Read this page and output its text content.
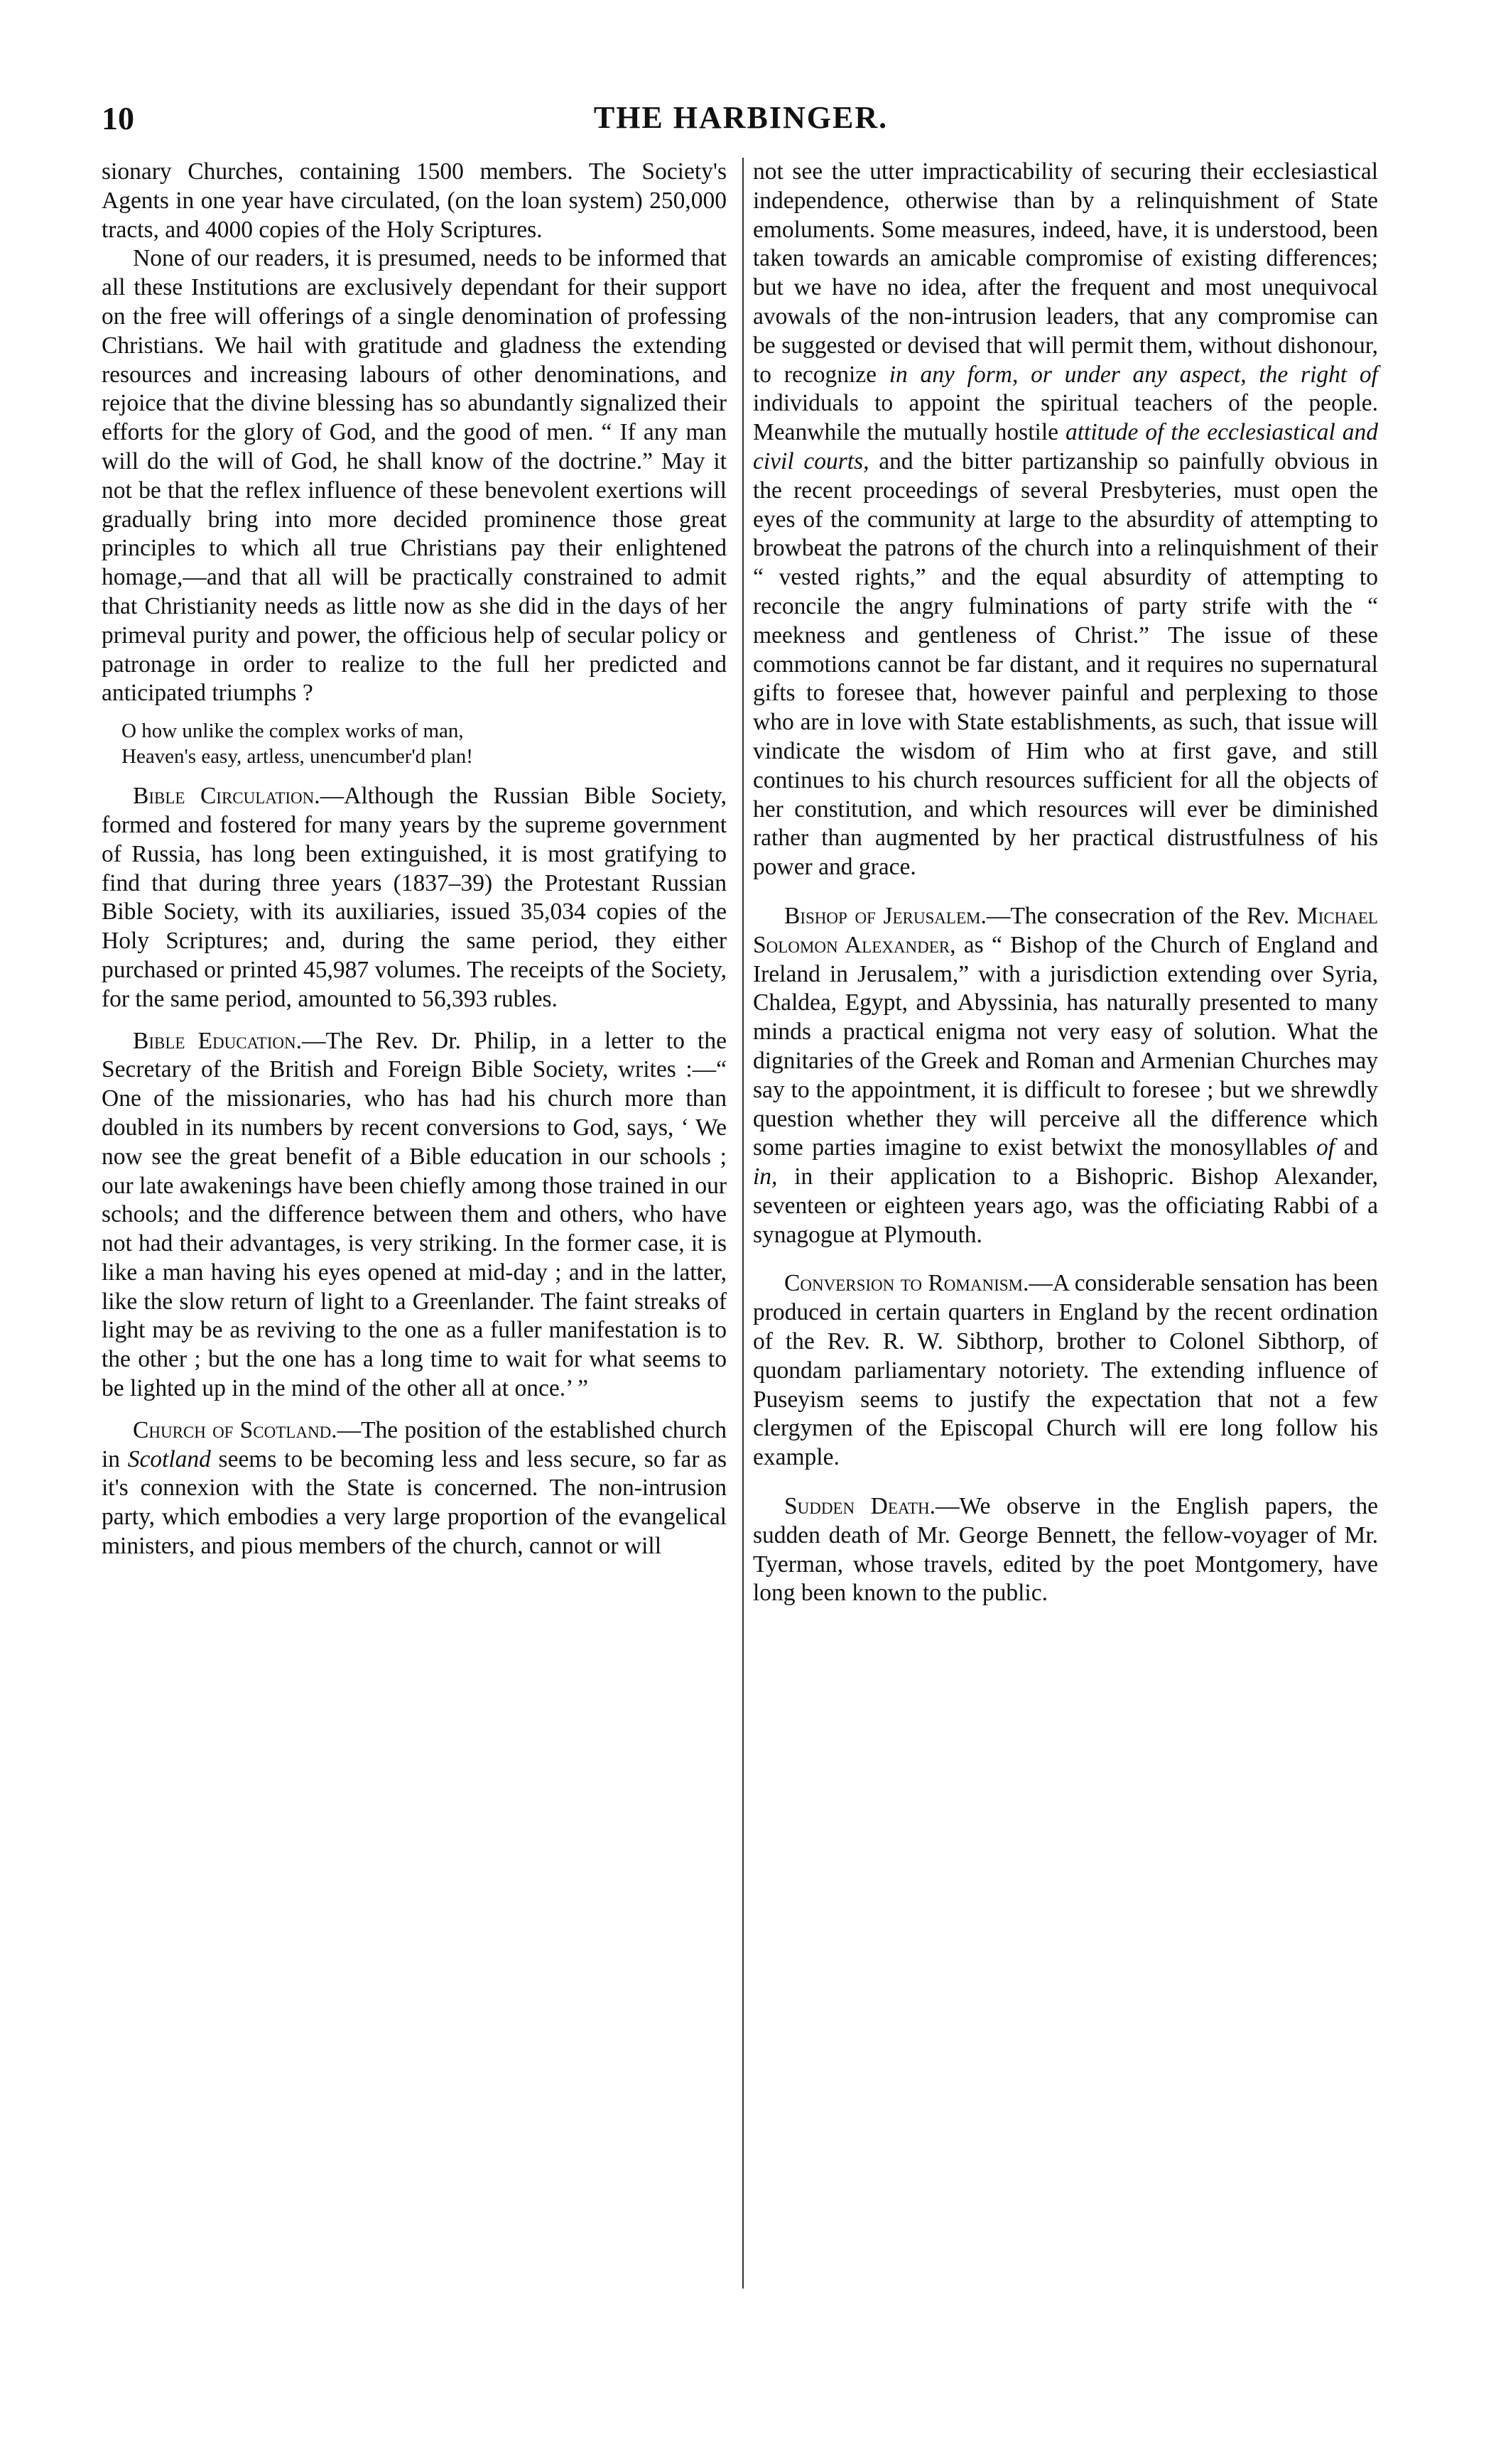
10	THE HARBINGER.

sionary Churches, containing 1500 members. The Society's Agents in one year have circulated, (on the loan system) 250,000 tracts, and 4000 copies of the Holy Scriptures.

None of our readers, it is presumed, needs to be informed that all these Institutions are exclusively dependant for their support on the free will offerings of a single denomination of professing Christians. We hail with gratitude and gladness the extending resources and increasing labours of other denominations, and rejoice that the divine blessing has so abundantly signalized their efforts for the glory of God, and the good of men. “ If any man will do the will of God, he shall know of the doctrine.” May it not be that the reflex influence of these benevolent exertions will gradually bring into more decided prominence those great principles to which all true Christians pay their enlightened homage,—and that all will be practically constrained to admit that Christianity needs as little now as she did in the days of her primeval purity and power, the officious help of secular policy or patronage in order to realize to the full her predicted and anticipated triumphs ?

O how unlike the complex works of man,
Heaven's easy, artless, unencumber'd plan!

Bible Circulation.—Although the Russian Bible Society, formed and fostered for many years by the supreme government of Russia, has long been extinguished, it is most gratifying to find that during three years (1837–39) the Protestant Russian Bible Society, with its auxiliaries, issued 35,034 copies of the Holy Scriptures; and, during the same period, they either purchased or printed 45,987 volumes. The receipts of the Society, for the same period, amounted to 56,393 rubles.

Bible Education.—The Rev. Dr. Philip, in a letter to the Secretary of the British and Foreign Bible Society, writes :—“ One of the missionaries, who has had his church more than doubled in its numbers by recent conversions to God, says, ‘ We now see the great benefit of a Bible education in our schools ; our late awakenings have been chiefly among those trained in our schools; and the difference between them and others, who have not had their advantages, is very striking. In the former case, it is like a man having his eyes opened at mid-day ; and in the latter, like the slow return of light to a Greenlander. The faint streaks of light may be as reviving to the one as a fuller manifestation is to the other ; but the one has a long time to wait for what seems to be lighted up in the mind of the other all at once.’ ”

Church of Scotland.—The position of the established church in Scotland seems to be becoming less and less secure, so far as it's connexion with the State is concerned. The non-intrusion party, which embodies a very large proportion of the evangelical ministers, and pious members of the church, cannot or will

not see the utter impracticability of securing their ecclesiastical independence, otherwise than by a relinquishment of State emoluments. Some measures, indeed, have, it is understood, been taken towards an amicable compromise of existing differences; but we have no idea, after the frequent and most unequivocal avowals of the non-intrusion leaders, that any compromise can be suggested or devised that will permit them, without dishonour, to recognize in any form, or under any aspect, the right of individuals to appoint the spiritual teachers of the people. Meanwhile the mutually hostile attitude of the ecclesiastical and civil courts, and the bitter partizanship so painfully obvious in the recent proceedings of several Presbyteries, must open the eyes of the community at large to the absurdity of attempting to browbeat the patrons of the church into a relinquishment of their “ vested rights,” and the equal absurdity of attempting to reconcile the angry fulminations of party strife with the “ meekness and gentleness of Christ.” The issue of these commotions cannot be far distant, and it requires no supernatural gifts to foresee that, however painful and perplexing to those who are in love with State establishments, as such, that issue will vindicate the wisdom of Him who at first gave, and still continues to his church resources sufficient for all the objects of her constitution, and which resources will ever be diminished rather than augmented by her practical distrustfulness of his power and grace.

Bishop of Jerusalem.—The consecration of the Rev. Michael Solomon Alexander, as “ Bishop of the Church of England and Ireland in Jerusalem,” with a jurisdiction extending over Syria, Chaldea, Egypt, and Abyssinia, has naturally presented to many minds a practical enigma not very easy of solution. What the dignitaries of the Greek and Roman and Armenian Churches may say to the appointment, it is difficult to foresee ; but we shrewdly question whether they will perceive all the difference which some parties imagine to exist betwixt the monosyllables of and in, in their application to a Bishopric. Bishop Alexander, seventeen or eighteen years ago, was the officiating Rabbi of a synagogue at Plymouth.

Conversion to Romanism.—A considerable sensation has been produced in certain quarters in England by the recent ordination of the Rev. R. W. Sibthorp, brother to Colonel Sibthorp, of quondam parliamentary notoriety. The extending influence of Puseyism seems to justify the expectation that not a few clergymen of the Episcopal Church will ere long follow his example.

Sudden Death.—We observe in the English papers, the sudden death of Mr. George Bennett, the fellow-voyager of Mr. Tyerman, whose travels, edited by the poet Montgomery, have long been known to the public.
